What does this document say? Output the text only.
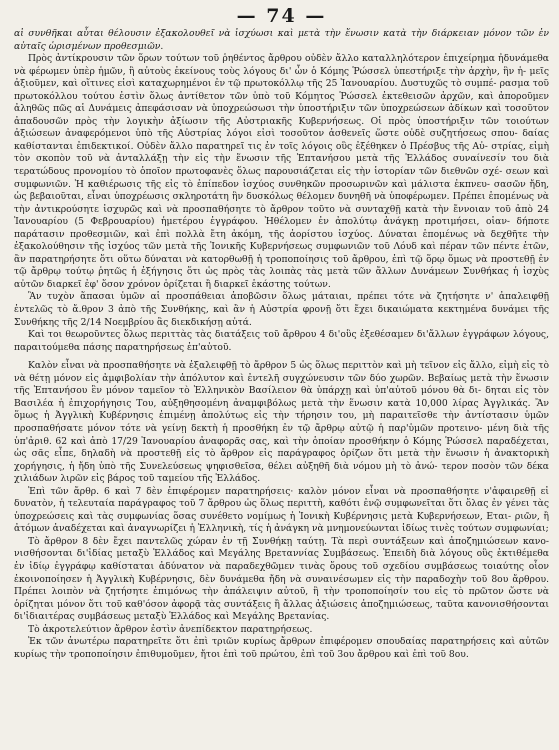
— 74 —

αἱ συνθῆκαι αὗται θέλουσιν ἐξακολουθεῖ νὰ ἰσχύωσι καὶ μετὰ τὴν ἕνωσιν κατὰ τὴν διάρκειαν μόνον τῶν ἐν αὐταῖς ὡρισμένων προθεσμιῶν.

Πρὸς ἀντίκρουσιν τῶν ὅρων τούτων τοῦ ῥηθέντος ἄρθρου οὐδὲν ἄλλο καταλληλότερον ἐπιχείρημα ἠδυνάμεθα νὰ φέρωμεν ὑπὲρ ἡμῶν, ἢ αὐτοὺς ἐκείνους τοὺς λόγους δι' ὧν ὁ Κόμης Ῥώσσελ ὑπεστήριξε τὴν ἀρχὴν, ἣν ἡ- μεῖς ἀξιοῦμεν, καὶ οἵτινες εἰσὶ καταχωρημένοι ἐν τῷ πρωτοκόλλῳ τῆς 25 Ἰανουαρίου. Δυστυχῶς τὸ συμπέ- ρασμα τοῦ πρωτοκόλλου τούτου ἐστὶν ὅλως ἀντίθετον τῶν ὑπὸ τοῦ Κόμητος Ῥώσσελ ἐκτεθεισῶν ἀρχῶν, καὶ ἀποροῦμεν ἀληθῶς πῶς αἱ Δυνάμεις ἀπεφάσισαν νὰ ὑποχρεώσωσι τὴν ὑποστήριξιν τῶν ὑποχρεώσεων ἀδίκων καὶ τοσοῦτον ἀπαδουσῶν πρὸς τὴν λογικὴν ἀξίωσιν τῆς Αὐστριακῆς Κυβερνήσεως. Οἱ πρὸς ὑποστήριξιν τῶν τοιούτων ἀξιώσεων ἀναφερόμενοι ὑπὸ τῆς Αὐστρίας λόγοι εἰσὶ τοσοῦτον ἀσθενεῖς ὥστε οὐδὲ συζητήσεως σπου- δαίας καθίστανται ἐπιδεκτικοί. Οὐδὲν ἄλλο παρατηρεῖ τις ἐν τοῖς λόγοις οὓς ἐξέθηκεν ὁ Πρέσβυς τῆς Αὐ- στρίας, εἰμὴ τὸν σκοπὸν τοῦ νὰ ἀνταλλάξῃ τὴν εἰς τὴν ἕνωσιν τῆς Ἑπτανήσου μετὰ τῆς Ἑλλάδος συναίνεσίν του διὰ τερατώδους προνομίου τὸ ὁποῖον πρωτοφανὲς ὅλως παρουσιάζεται εἰς τὴν ἱστορίαν τῶν διεθνῶν σχέ- σεων καὶ συμφωνιῶν. Ἡ καθιέρωσις τῆς εἰς τὸ ἑπίπεδον ἰσχύος συνθηκῶν προσωρινῶν καὶ μάλιστα ἐκπνευ- σασῶν ἤδη, ὡς βεβαιοῦται, εἶναι ὑποχρέωσις σκληροτάτη ἣν δυσκόλως θέλομεν δυνηθῆ νὰ ὑποφέρωμεν. Πρέπει ἑπομένως νὰ τὴν ἀντικρούσητε ἰσχυρῶς καὶ νὰ προσπαθήσητε τὸ ἄρθρον τοῦτο νὰ συνταχθῇ κατὰ τὴν ἔννοιαν τοῦ ἀπὸ 24 Ἰανουαρίου (5 Φεβρουαρίου) ἡμετέρου ἐγγράφου. Ἠθέλομεν ἐν ἀπολύτῳ ἀνάγκῃ προτιμήσει, οἱαν- δήποτε παράτασιν προθεσμιῶν, καὶ ἐπὶ πολλὰ ἔτη ἀκόμη, τῆς ἀορίστου ἰσχύος. Δύναται ἑπομένως νὰ δεχθῆτε τὴν ἐξακολούθησιν τῆς ἰσχύος τῶν μετὰ τῆς Ἰονικῆς Κυβερνήσεως συμφωνιῶν τοῦ Λόυδ καὶ πέραν τῶν πέντε ἐτῶν, ἂν παρατηρήσητε ὅτι οὕτω δύναται νὰ κατορθωθῇ ἡ τροποποίησις τοῦ ἄρθρου, ἐπὶ τῷ ὅρῳ ὅμως νὰ προστεθῇ ἐν τῷ ἄρθρῳ τούτῳ ῥητῶς ἡ ἐξήγησις ὅτι ὡς πρὸς τὰς λοιπὰς τὰς μετὰ τῶν ἄλλων Δυνάμεων Συνθήκας ἡ ἰσχὺς αὐτῶν διαρκεῖ ἐφ' ὅσον χρόνον ὁρίζεται ἢ διαρκεῖ ἑκάστης τούτων.

Ἂν τυχὸν ἅπασαι ὑμῶν αἱ προσπάθειαι ἀποβῶσιν ὅλως μάταιαι, πρέπει τότε νὰ ζητήσητε ν' ἀπαλειφθῇ ἐντελῶς τὸ ἄ.θρον 3 ἀπὸ τῆς Συνθήκης, καὶ ἂν ἡ Αὐστρία φρονῇ ὅτι ἔχει δικαιώματα κεκτημένα δυνάμει τῆς Συνθήκης τῆς 2/14 Νοεμβρίου ἂς διεκδικήσῃ αὐτά.

Καὶ τοι θεωροῦντες ὅλως περιττὰς τὰς διατάξεις τοῦ ἄρθρου 4 δι'οὓς ἐξεθέσαμεν δι'ἄλλων ἐγγράφων λόγους, παραιτούμεθα πάσης παρατηρήσεως ἐπ'αὐτοῦ.

Καλὸν εἶναι νὰ προσπαθήσητε νὰ ἐξαλειφθῇ τὸ ἄρθρον 5 ὡς ὅλως περιττὸν καὶ μὴ τεῖνον εἰς ἄλλο, εἰμὴ εἰς τὸ νὰ θέτῃ μόνον εἰς ἀμφιβολίαν τὴν ἀπόλυτον καὶ ἐντελῆ συγχώνευσιν τῶν δύο χωρῶν. Βεβαίως μετὰ τὴν ἕνωσιν τῆς Ἑπτανήσου ἓν μόνον ταμεῖον τὸ Ἑλληνικὸν Βασίλειον θὰ ὑπάρχῃ καὶ ὑπ'αὐτοῦ μόνου θὰ δι- δηται εἰς τὸν Βασιλέα ἡ ἐπιχορήγησις Του, αὐξηθησομένη ἀναμφιβόλως μετὰ τὴν ἕνωσιν κατὰ 10,000 λίρας Ἀγγλικάς. Ἂν ὅμως ἡ Ἀγγλικὴ Κυβέρνησις ἐπιμένῃ ἀπολύτως εἰς τὴν τήρησιν του, μὴ παραιτεῖσθε τὴν ἀντίστασιν ὑμῶν προσπαθήσατε μόνον τότε νὰ γείνῃ δεκτὴ ἡ προσθήκη ἐν τῷ ἄρθρῳ αὐτῷ ἡ παρ'ὑμῶν προτεινο- μένη διὰ τῆς ὑπ'ἀριθ. 62 καὶ ἀπὸ 17/29 Ἰανουαρίου ἀναφορᾶς σας, καὶ τὴν ὁποίαν προσθήκην ὁ Κόμης Ῥώσσελ παραδέχεται, ὡς σᾶς εἶπε, δηλαδὴ νὰ προστεθῇ εἰς τὸ ἄρθρον εἰς παράγραφος ὁρίζων ὅτι μετὰ τὴν ἕνωσιν ἡ ἀνακτορικὴ χορήγησις, ἡ ἤδη ὑπὸ τῆς Συνελεύσεως ψηφισθεῖσα, θέλει αὐξηθῆ διὰ νόμου μὴ τὸ ἀνώ- τερον ποσὸν τῶν δέκα χιλιάδων λιρῶν εἰς βάρος τοῦ ταμείου τῆς Ἑλλάδος.

Ἐπὶ τῶν ἄρθρ. 6 καὶ 7 δὲν ἐπιφέρομεν παρατηρήσεις· καλὸν μόνον εἶναι νὰ προσπαθήσητε ν'ἀφαιρεθῇ εἰ δυνατὸν, ἡ τελευταία παράγραφος τοῦ 7 ἄρθρου ὡς ὅλως περιττὴ, καθότι ἐνῷ συμφωνεῖται ὅτι ὅλας ἐν γένει τὰς ὑποχρεώσεις καὶ τὰς συμφωνίας ὅσας συνέθετο νομίμως ἡ Ἰονικὴ Κυβέρνησις μετὰ Κυβερνήσεων, Εται- ριῶν, ἢ ἀτόμων ἀναδέχεται καὶ ἀναγνωρίζει ἡ Ἑλληνικὴ, τίς ἡ ἀνάγκη νὰ μνημονεύωνται ἰδίως τινὲς τούτων συμφωνίαι;

Τὸ ἄρθρον 8 δὲν ἔχει παντελῶς χώραν ἐν τῇ Συνθήκῃ ταύτῃ. Τὰ περὶ συντάξεων καὶ ἀποζημιώσεων κανο- νισθήσονται δι'ἰδίας μεταξὺ Ἑλλάδος καὶ Μεγάλης Βρεταννίας Συμβάσεως. Ἐπειδὴ διὰ λόγους οὓς ἐκτιθέμεθα ἐν ἰδίῳ ἐγγράφῳ καθίσταται ἀδύνατον νὰ παραδεχθῶμεν τινὰς ὅρους τοῦ σχεδίου συμβάσεως τοιαύτης οἷον ἐκοινοποίησεν ἡ Ἀγγλικὴ Κυβέρνησις, δὲν δυνάμεθα ἤδη νὰ συναινέσωμεν εἰς τὴν παραδοχὴν τοῦ 8ου ἄρθρου. Πρέπει λοιπὸν νὰ ζητήσητε ἐπιμόνως τὴν ἀπάλειψιν αὐτοῦ, ἢ τὴν τροποποίησίν του εἰς τὸ πρῶτον ὥστε νὰ ὁρίζηται μόνον ὅτι τοῦ καθ'όσον ἀφορᾷ τὰς συντάξεις ἢ ἄλλας ἀξιώσεις ἀποζημιώσεως, ταῦτα κανονισθήσονται δι'ἰδιαιτέρας συμβάσεως μεταξὺ Ἑλλάδος καὶ Μεγάλης Βρετανίας.

Τὸ ἀκροτελεύτιον ἄρθρον ἐστὶν ἀνεπίδεκτον παρατηρήσεως.

Ἐκ τῶν ἀνωτέρω παρατηρεῖτε ὅτι ἐπὶ τριῶν κυρίως ἄρθρων ἐπιφέρομεν σπουδαίας παρατηρήσεις καὶ αὐτῶν κυρίως τὴν τροποποίησιν ἐπιθυμοῦμεν, ἤτοι ἐπὶ τοῦ πρώτου, ἐπὶ τοῦ 3ου ἄρθρου καὶ ἐπὶ τοῦ 8ου.
